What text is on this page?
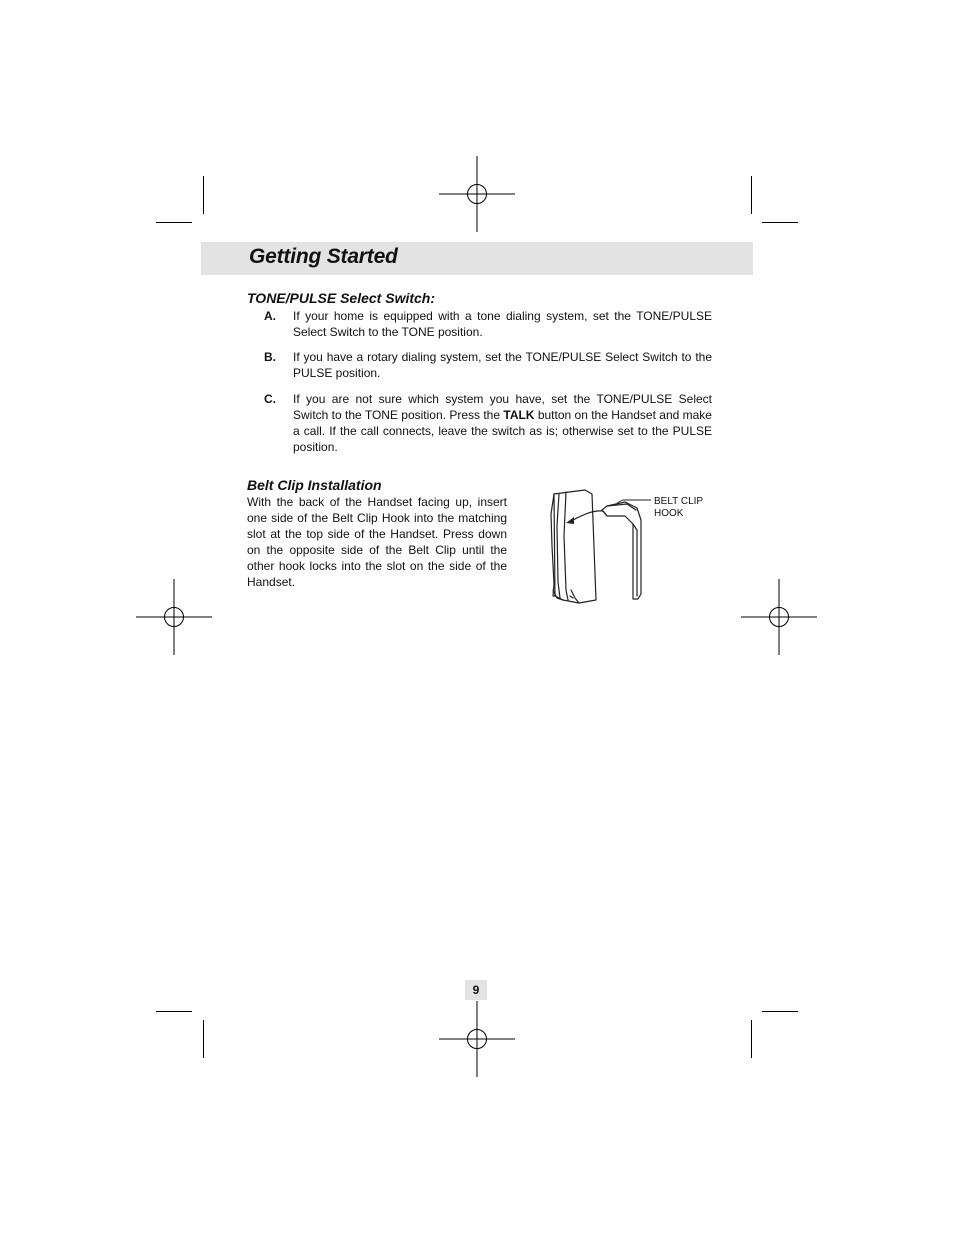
Getting Started
TONE/PULSE Select Switch:
A. If your home is equipped with a tone dialing system, set the TONE/PULSE Select Switch to the TONE position.
B. If you have a rotary dialing system, set the TONE/PULSE Select Switch to the PULSE position.
C. If you are not sure which system you have, set the TONE/PULSE Select Switch to the TONE position. Press the TALK button on the Handset and make a call. If the call connects, leave the switch as is; otherwise set to the PULSE position.
Belt Clip Installation
With the back of the Handset facing up, insert one side of the Belt Clip Hook into the matching slot at the top side of the Handset. Press down on the opposite side of the Belt Clip until the other hook locks into the slot on the side of the Handset.
BELT CLIP
HOOK
9
